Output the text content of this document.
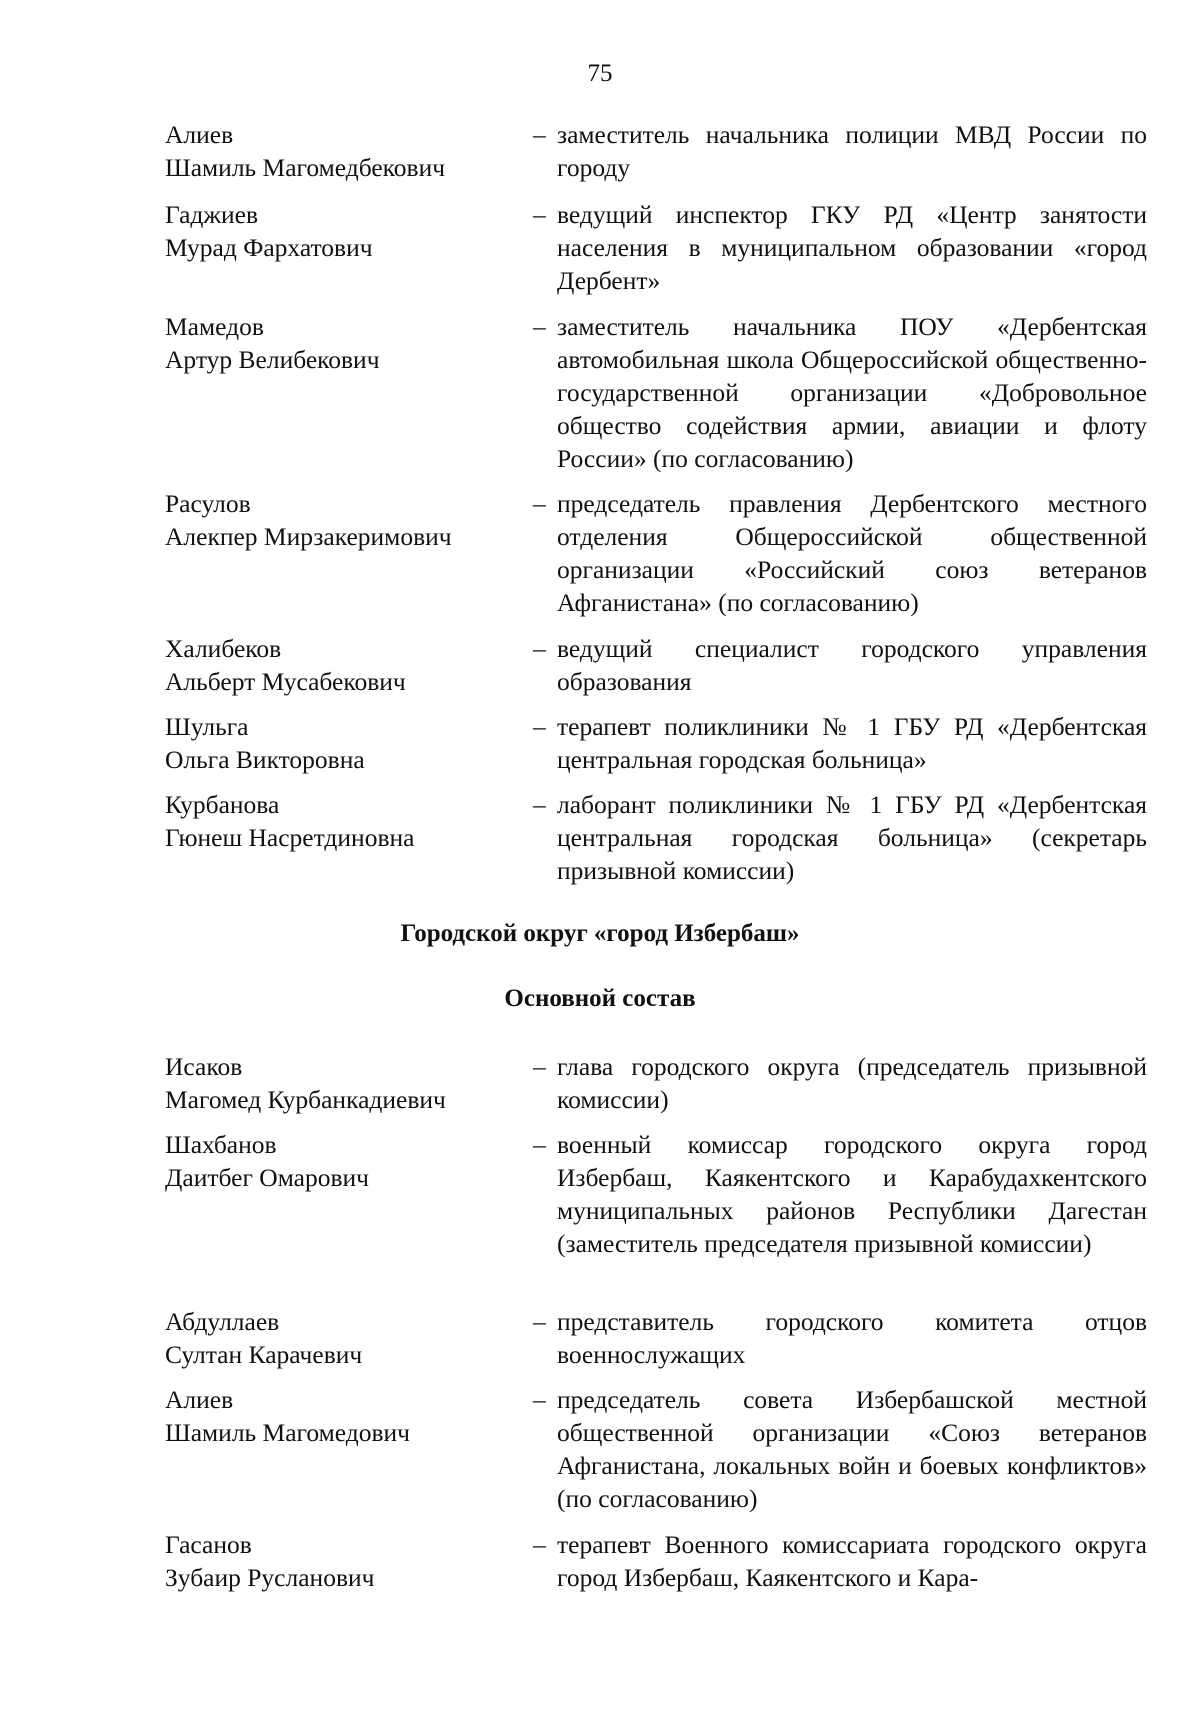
75
Алиев
Шамиль Магомедбекович
– заместитель начальника полиции МВД России по городу
Гаджиев
Мурад Фархатович
– ведущий инспектор ГКУ РД «Центр занятости населения в муниципальном образовании «город Дербент»
Мамедов
Артур Велибекович
– заместитель начальника ПОУ «Дербентская автомобильная школа Общероссийской общественно-государственной организации «Добровольное общество содействия армии, авиации и флоту России» (по согласованию)
Расулов
Алекпер Мирзакеримович
– председатель правления Дербентского местного отделения Общероссийской общественной организации «Российский союз ветеранов Афганистана» (по согласованию)
Халибеков
Альберт Мусабекович
– ведущий специалист городского управления образования
Шульга
Ольга Викторовна
– терапевт поликлиники № 1 ГБУ РД «Дербентская центральная городская больница»
Курбанова
Гюнеш Насретдиновна
– лаборант поликлиники № 1 ГБУ РД «Дербентская центральная городская больница» (секретарь призывной комиссии)
Городской округ «город Избербаш»
Основной состав
Исаков
Магомед Курбанкадиевич
– глава городского округа (председатель призывной комиссии)
Шахбанов
Даитбег Омарович
– военный комиссар городского округа город Избербаш, Каякентского и Карабудахкентского муниципальных районов Республики Дагестан (заместитель председателя призывной комиссии)
Абдуллаев
Султан Карачевич
– представитель городского комитета отцов военнослужащих
Алиев
Шамиль Магомедович
– председатель совета Избербашской местной общественной организации «Союз ветеранов Афганистана, локальных войн и боевых конфликтов» (по согласованию)
Гасанов
Зубаир Русланович
– терапевт Военного комиссариата городского округа город Избербаш, Каякентского и Кара-
